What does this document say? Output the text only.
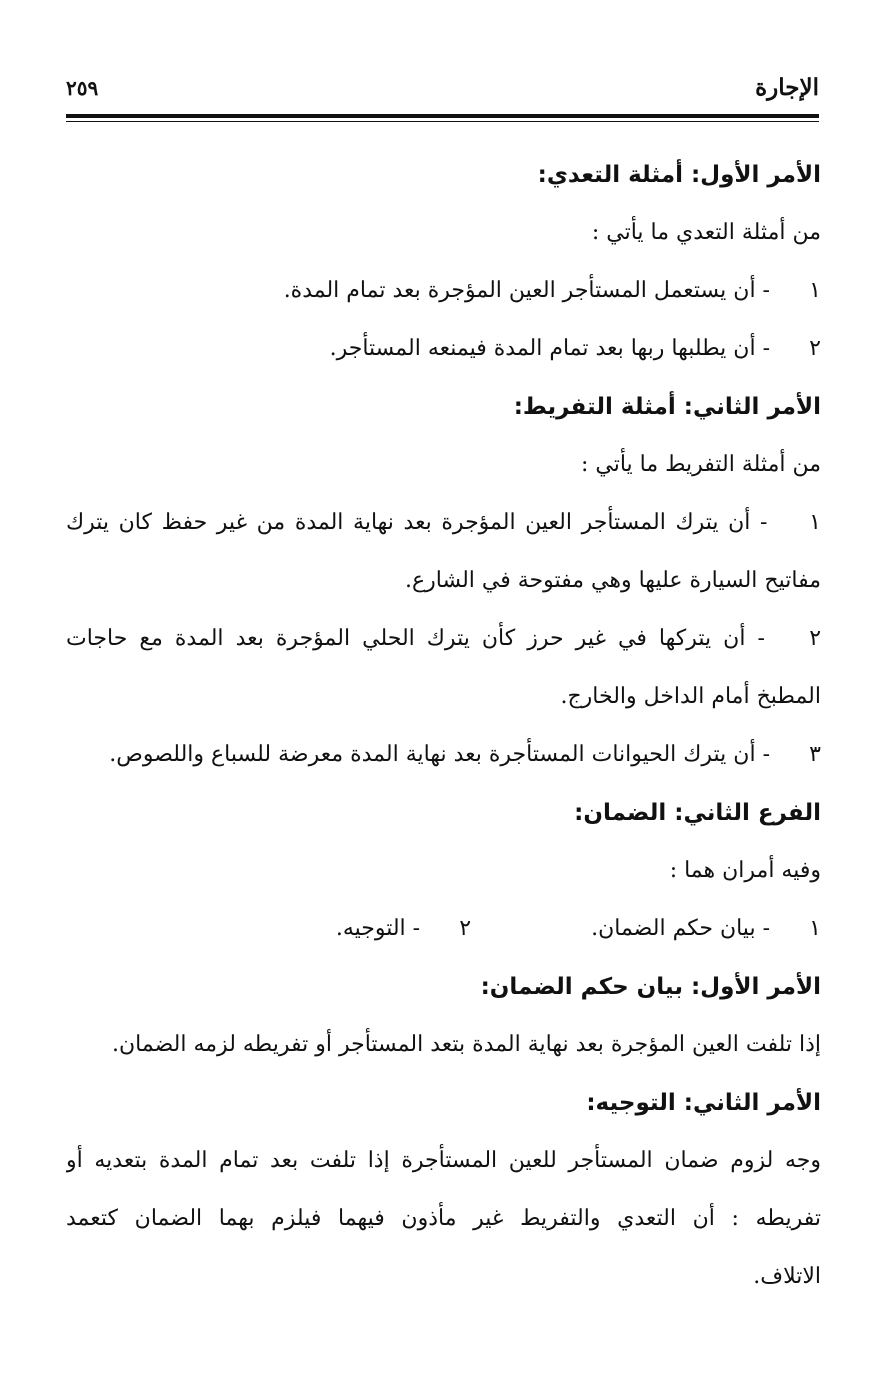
الإجارة
٢٥٩
الأمر الأول: أمثلة التعدي:
من أمثلة التعدي ما يأتي :
١ - أن يستعمل المستأجر العين المؤجرة بعد تمام المدة.
٢ - أن يطلبها ربها بعد تمام المدة فيمنعه المستأجر.
الأمر الثاني: أمثلة التفريط:
من أمثلة التفريط ما يأتي :
١ - أن يترك المستأجر العين المؤجرة بعد نهاية المدة من غير حفظ كان يترك
مفاتيح السيارة عليها وهي مفتوحة في الشارع.
٢ - أن يتركها في غير حرز كأن يترك الحلي المؤجرة بعد المدة مع حاجات
المطبخ أمام الداخل والخارج.
٣ - أن يترك الحيوانات المستأجرة بعد نهاية المدة معرضة للسباع واللصوص.
الفرع الثاني: الضمان:
وفيه أمران هما :
١ - بيان حكم الضمان.
٢ - التوجيه.
الأمر الأول: بيان حكم الضمان:
إذا تلفت العين المؤجرة بعد نهاية المدة بتعد المستأجر أو تفريطه لزمه الضمان.
الأمر الثاني: التوجيه:
وجه لزوم ضمان المستأجر للعين المستأجرة إذا تلفت بعد تمام المدة بتعديه أو
تفريطه : أن التعدي والتفريط غير مأذون فيهما فيلزم بهما الضمان كتعمد
الاتلاف.
